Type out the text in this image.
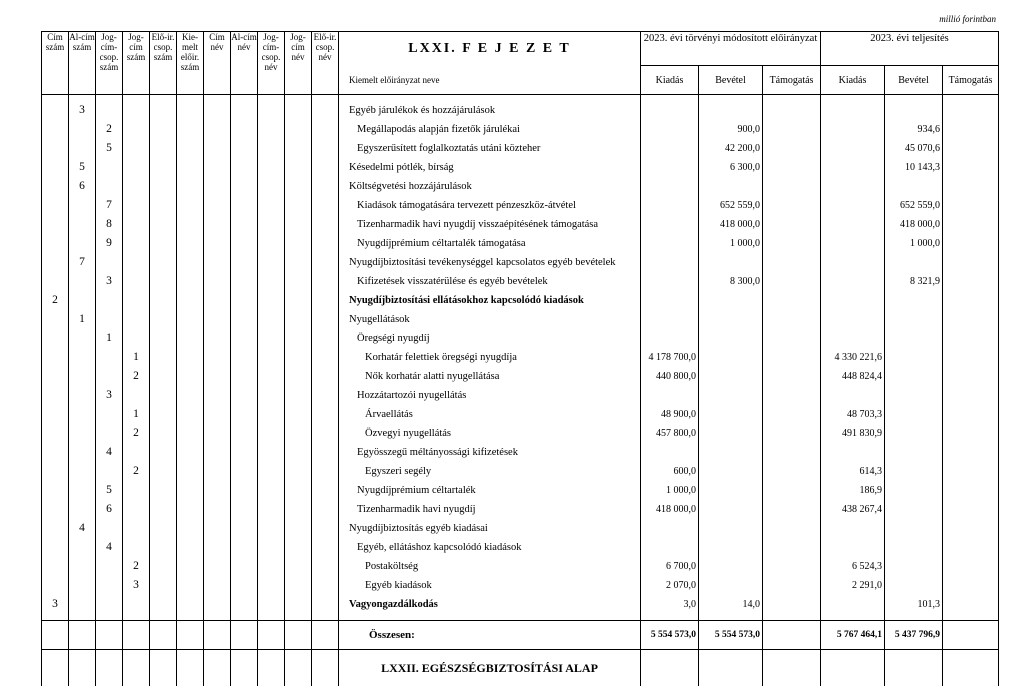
millió forintban
Cím szám	Al-cím szám	Jog-cím-csop. szám	Jog-cím szám	Elő-ir. csop. szám	Kie-melt előir. szám	Cím név	Al-cím név	Jog-cím-csop. név	Jog-cím név	Elő-ir. csop. név	LXXI. F E J E Z E T	2023. évi törvényi módosított előirányzat			2023. évi teljesítés		
											Kiemelt előirányzat neve	Kiadás	Bevétel	Támogatás	Kiadás	Bevétel	Támogatás

	3										Egyéb járulékok és hozzájárulások						
		2									Megállapodás alapján fizetők járulékai		900,0			934,6	
		5									Egyszerűsített foglalkoztatás utáni közteher		42 200,0			45 070,6	
	5										Késedelmi pótlék, bírság		6 300,0			10 143,3	
	6										Költségvetési hozzájárulások						
		7									Kiadások támogatására tervezett pénzeszköz-átvétel		652 559,0			652 559,0	
		8									Tizenharmadik havi nyugdíj visszaépítésének támogatása		418 000,0			418 000,0	
		9									Nyugdíjprémium céltartalék támogatása		1 000,0			1 000,0	
	7										Nyugdíjbiztosítási tevékenységgel kapcsolatos egyéb bevételek						
		3									Kifizetések visszatérülése és egyéb bevételek		8 300,0			8 321,9	
2											Nyugdíjbiztosítási ellátásokhoz kapcsolódó kiadások						
	1										Nyugellátások						
		1									Öregségi nyugdíj						
			1								Korhatár felettiek öregségi nyugdíja	4 178 700,0			4 330 221,6		
			2								Nők korhatár alatti nyugellátása	440 800,0			448 824,4		
		3									Hozzátartozói nyugellátás						
			1								Árvaellátás	48 900,0			48 703,3		
			2								Özvegyi nyugellátás	457 800,0			491 830,9		
		4									Egyösszegű méltányossági kifizetések						
			2								Egyszeri segély	600,0			614,3		
		5									Nyugdíjprémium céltartalék	1 000,0			186,9		
		6									Tizenharmadik havi nyugdíj	418 000,0			438 267,4		
	4										Nyugdíjbiztosítás egyéb kiadásai						
		4									Egyéb, ellátáshoz kapcsolódó kiadások						
			2								Postaköltség	6 700,0			6 524,3		
			3								Egyéb kiadások	2 070,0			2 291,0		
3											Vagyongazdálkodás	3,0	14,0			101,3	

											Összesen:	5 554 573,0	5 554 573,0		5 767 464,1	5 437 796,9	
											LXXII. EGÉSZSÉGBIZTOSÍTÁSI ALAP						
